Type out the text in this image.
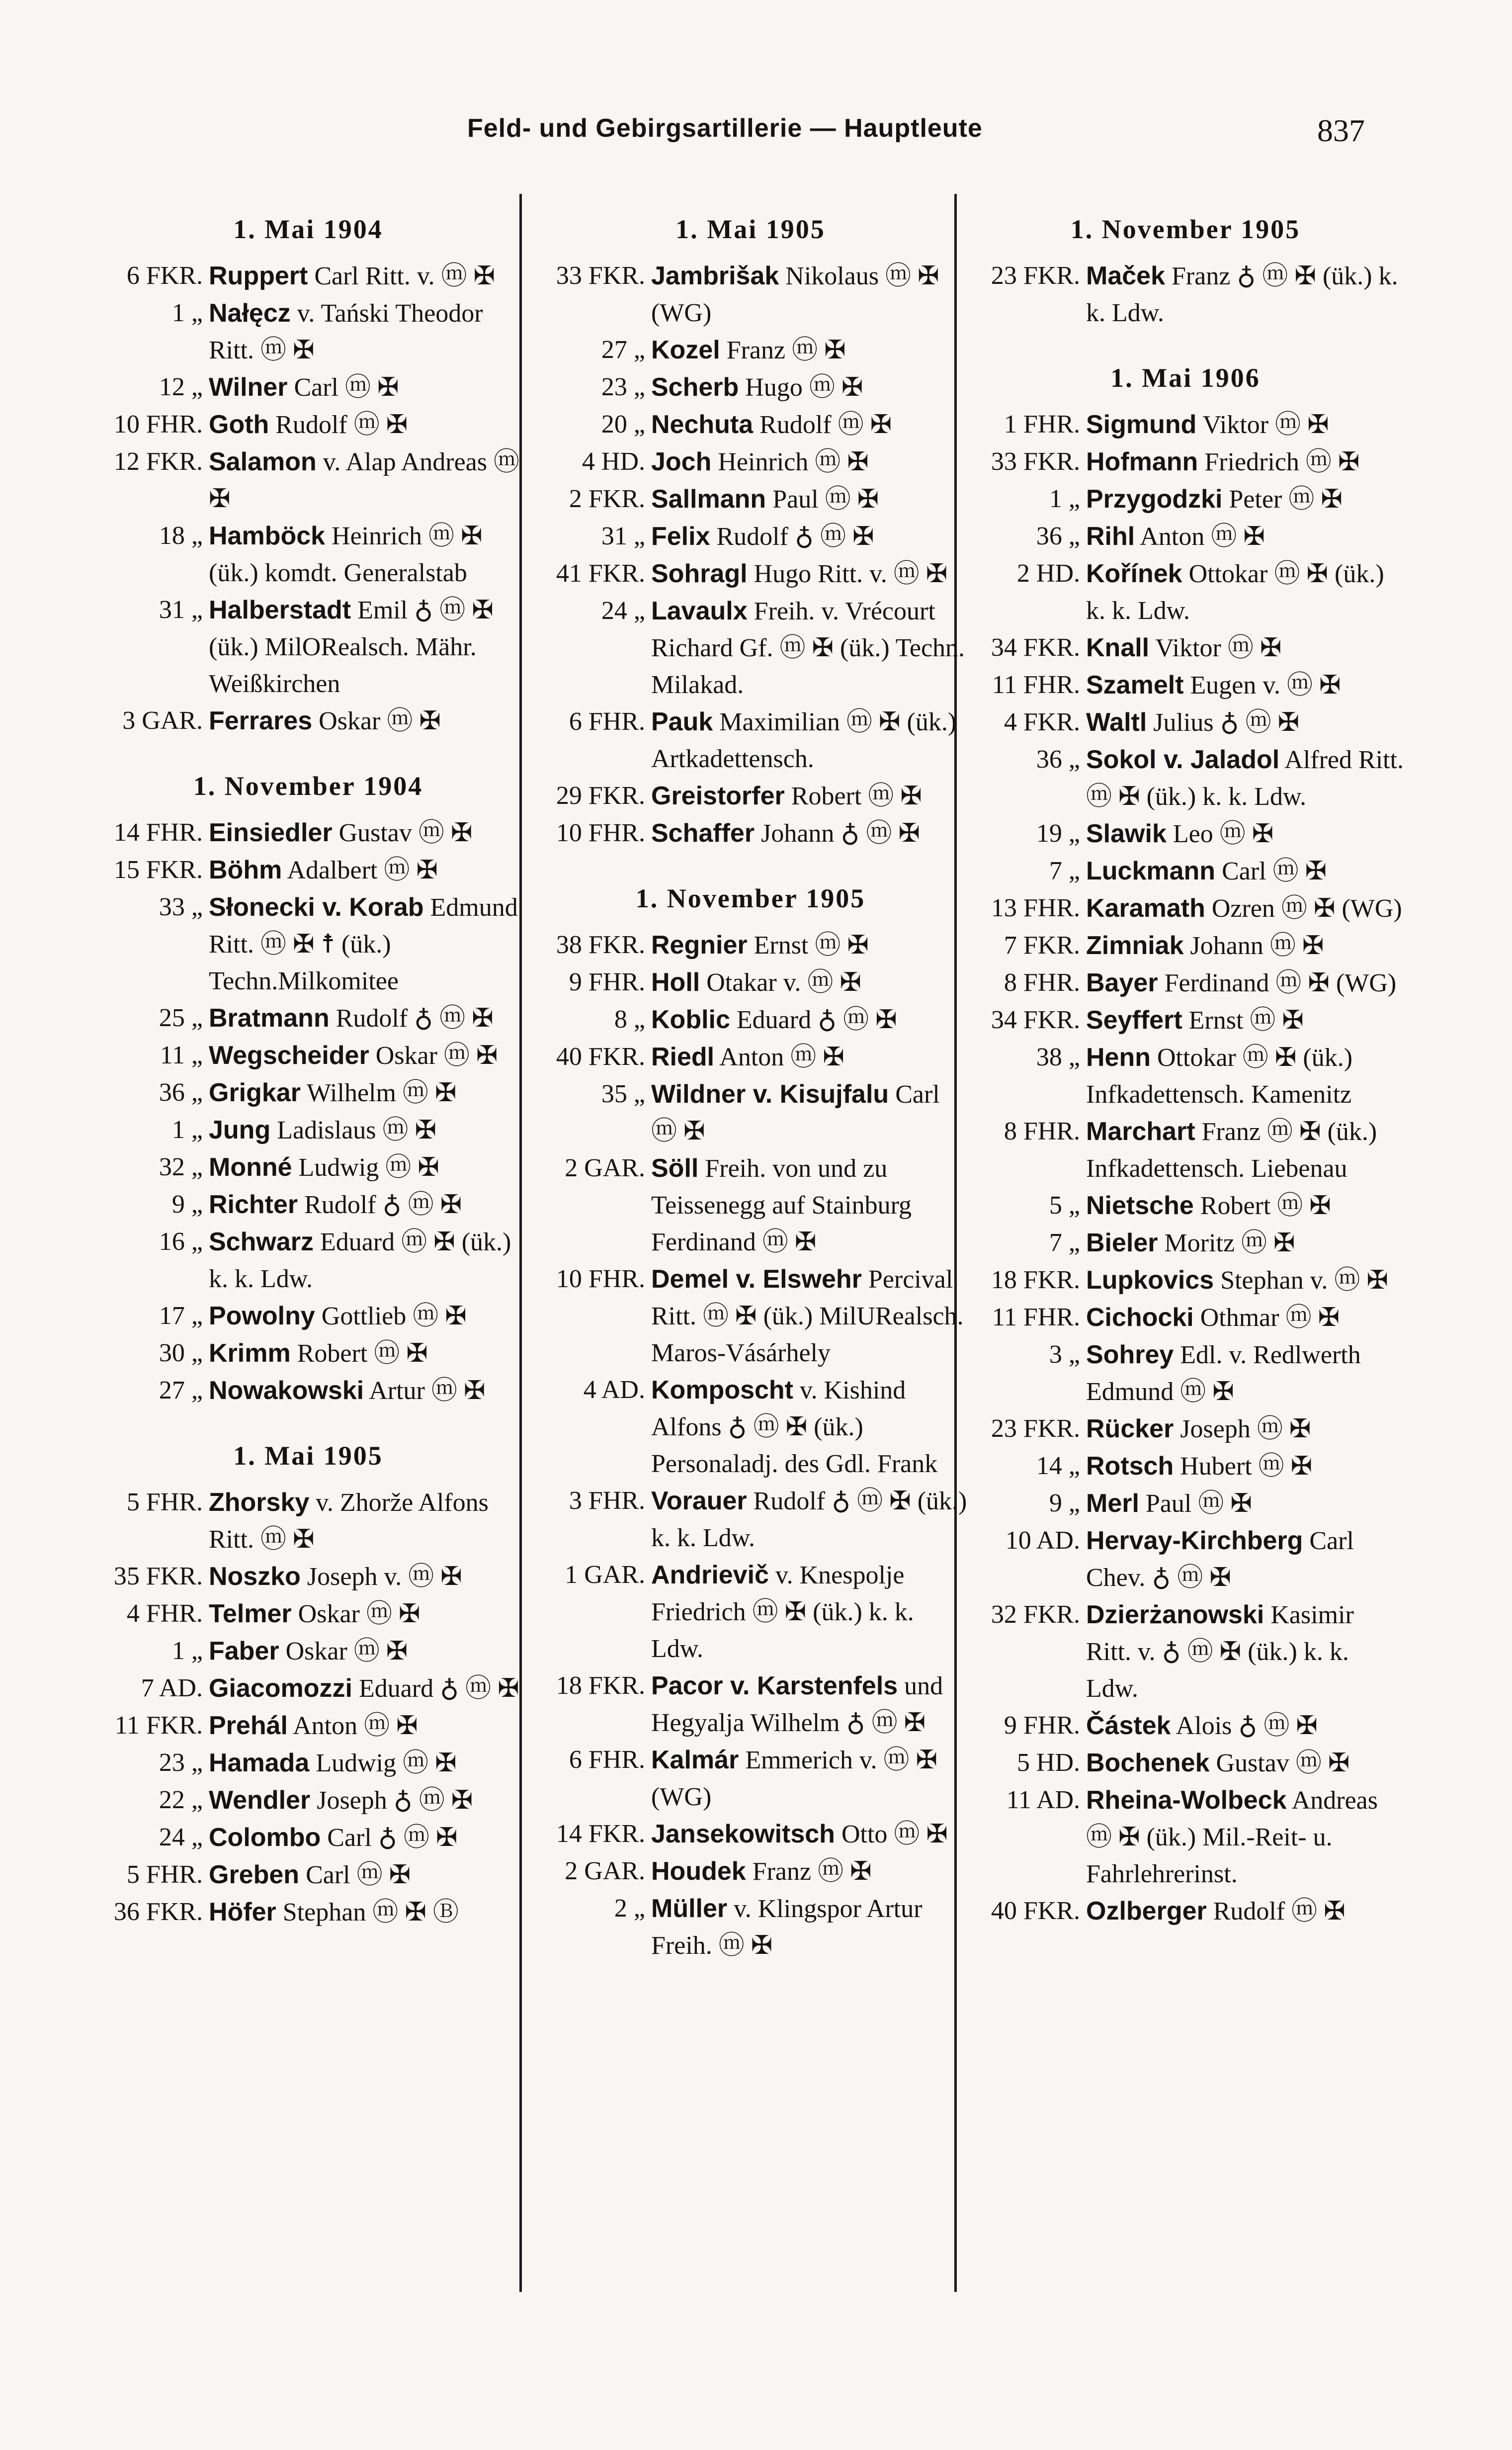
Feld- und Gebirgsartillerie — Hauptleute	837
1. Mai 1904
6 FKR. Ruppert Carl Ritt. v. ⓜ ✠
1 „ Nałęcz v. Tański Theodor Ritt. ⓜ ✠
12 „ Wilner Carl ⓜ ✠
10 FHR. Goth Rudolf ⓜ ✠
12 FKR. Salamon v. Alap Andreas ⓜ ✠
18 „ Hamböck Heinrich ⓜ ✠ (ük.) komdt. Generalstab
31 „ Halberstadt Emil ♁ ⓜ ✠ (ük.) MilORealsch. Mähr. Weißkirchen
3 GAR. Ferrares Oskar ⓜ ✠
1. November 1904
14 FHR. Einsiedler Gustav ⓜ ✠
15 FKR. Böhm Adalbert ⓜ ✠
33 „ Słonecki v. Korab Edmund Ritt. ⓜ ✠ ☨ (ük.) Techn.Milkomitee
25 „ Bratmann Rudolf ♁ ⓜ ✠
11 „ Wegscheider Oskar ⓜ ✠
36 „ Grigkar Wilhelm ⓜ ✠
1 „ Jung Ladislaus ⓜ ✠
32 „ Monné Ludwig ⓜ ✠
9 „ Richter Rudolf ♁ ⓜ ✠
16 „ Schwarz Eduard ⓜ ✠ (ük.) k. k. Ldw.
17 „ Powolny Gottlieb ⓜ ✠
30 „ Krimm Robert ⓜ ✠
27 „ Nowakowski Artur ⓜ ✠
1. Mai 1905
5 FHR. Zhorsky v. Zhorže Alfons Ritt. ⓜ ✠
35 FKR. Noszko Joseph v. ⓜ ✠
4 FHR. Telmer Oskar ⓜ ✠
1 „ Faber Oskar ⓜ ✠
7 AD. Giacomozzi Eduard ♁ ⓜ ✠
11 FKR. Prehál Anton ⓜ ✠
23 „ Hamada Ludwig ⓜ ✠
22 „ Wendler Joseph ♁ ⓜ ✠
24 „ Colombo Carl ♁ ⓜ ✠
5 FHR. Greben Carl ⓜ ✠
36 FKR. Höfer Stephan ⓜ ✠ Ⓑ
1. Mai 1905
33 FKR. Jambrišak Nikolaus ⓜ ✠ (WG)
27 „ Kozel Franz ⓜ ✠
23 „ Scherb Hugo ⓜ ✠
20 „ Nechuta Rudolf ⓜ ✠
4 HD. Joch Heinrich ⓜ ✠
2 FKR. Sallmann Paul ⓜ ✠
31 „ Felix Rudolf ♁ ⓜ ✠
41 FKR. Sohragl Hugo Ritt. v. ⓜ ✠
24 „ Lavaulx Freih. v. Vrécourt Richard Gf. ⓜ ✠ (ük.) Techn. Milakad.
6 FHR. Pauk Maximilian ⓜ ✠ (ük.) Artkadettensch.
29 FKR. Greistorfer Robert ⓜ ✠
10 FHR. Schaffer Johann ♁ ⓜ ✠
1. November 1905
38 FKR. Regnier Ernst ⓜ ✠
9 FHR. Holl Otakar v. ⓜ ✠
8 „ Koblic Eduard ♁ ⓜ ✠
40 FKR. Riedl Anton ⓜ ✠
35 „ Wildner v. Kisujfalu Carl ⓜ ✠
2 GAR. Söll Freih. von und zu Teissenegg auf Stainburg Ferdinand ⓜ ✠
10 FHR. Demel v. Elswehr Percival Ritt. ⓜ ✠ (ük.) MilURealsch. Maros-Vásárhely
4 AD. Komposcht v. Kishind Alfons ♁ ⓜ ✠ (ük.) Personaladj. des Gdl. Frank
3 FHR. Vorauer Rudolf ♁ ⓜ ✠ (ük.) k. k. Ldw.
1 GAR. Andrievič v. Knespolje Friedrich ⓜ ✠ (ük.) k. k. Ldw.
18 FKR. Pacor v. Karstenfels und Hegyalja Wilhelm ♁ ⓜ ✠
6 FHR. Kalmár Emmerich v. ⓜ ✠ (WG)
14 FKR. Jansekowitsch Otto ⓜ ✠
2 GAR. Houdek Franz ⓜ ✠
2 „ Müller v. Klingspor Artur Freih. ⓜ ✠
1. November 1905
23 FKR. Maček Franz ♁ ⓜ ✠ (ük.) k. k. Ldw.
1. Mai 1906
1 FHR. Sigmund Viktor ⓜ ✠
33 FKR. Hofmann Friedrich ⓜ ✠
1 „ Przygodzki Peter ⓜ ✠
36 „ Rihl Anton ⓜ ✠
2 HD. Kořínek Ottokar ⓜ ✠ (ük.) k. k. Ldw.
34 FKR. Knall Viktor ⓜ ✠
11 FHR. Szamelt Eugen v. ⓜ ✠
4 FKR. Waltl Julius ♁ ⓜ ✠
36 „ Sokol v. Jaladol Alfred Ritt. ⓜ ✠ (ük.) k. k. Ldw.
19 „ Slawik Leo ⓜ ✠
7 „ Luckmann Carl ⓜ ✠
13 FHR. Karamath Ozren ⓜ ✠ (WG)
7 FKR. Zimniak Johann ⓜ ✠
8 FHR. Bayer Ferdinand ⓜ ✠ (WG)
34 FKR. Seyffert Ernst ⓜ ✠
38 „ Henn Ottokar ⓜ ✠ (ük.) Infkadettensch. Kamenitz
8 FHR. Marchart Franz ⓜ ✠ (ük.) Infkadettensch. Liebenau
5 „ Nietsche Robert ⓜ ✠
7 „ Bieler Moritz ⓜ ✠
18 FKR. Lupkovics Stephan v. ⓜ ✠
11 FHR. Cichocki Othmar ⓜ ✠
3 „ Sohrey Edl. v. Redlwerth Edmund ⓜ ✠
23 FKR. Rücker Joseph ⓜ ✠
14 „ Rotsch Hubert ⓜ ✠
9 „ Merl Paul ⓜ ✠
10 AD. Hervay-Kirchberg Carl Chev. ♁ ⓜ ✠
32 FKR. Dzierżanowski Kasimir Ritt. v. ♁ ⓜ ✠ (ük.) k. k. Ldw.
9 FHR. Částek Alois ♁ ⓜ ✠
5 HD. Bochenek Gustav ⓜ ✠
11 AD. Rheina-Wolbeck Andreas ⓜ ✠ (ük.) Mil.-Reit- u. Fahrlehrerinst.
40 FKR. Ozlberger Rudolf ⓜ ✠
